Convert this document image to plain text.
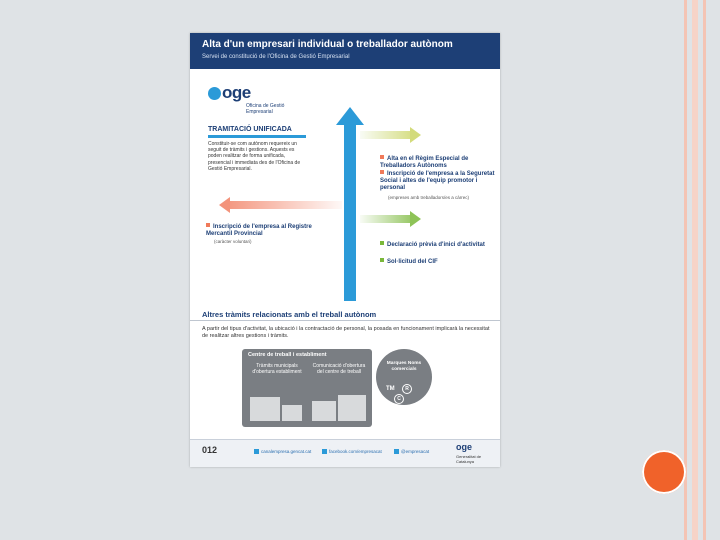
Alta d'un empresari individual o treballador autònom
Servei de constitució de l'Oficina de Gestió Empresarial
oge
Oficina de Gestió Empresarial
TRAMITACIÓ UNIFICADA
Constituir-se com autònom requereix un seguit de tràmits i gestions. Aquests es poden realitzar de forma unificada, presencial i immediata des de l'Oficina de Gestió Empresarial.
Alta en el Règim Especial de Treballadors Autònoms
Inscripció de l'empresa a la Seguretat Social i altes de l'equip promotor i personal
(empreses amb treballadors/es a càrrec)
Inscripció de l'empresa al Registre Mercantil Provincial
(caràcter voluntari)
Declaració prèvia d'inici d'activitat
Sol·licitud del CIF
Altres tràmits relacionats amb el treball autònom
A partir del tipus d'activitat, la ubicació i la contractació de personal, la posada en funcionament implicarà la necessitat de realitzar altres gestions i tràmits.
Centre de treball i establiment
Tràmits municipals d'obertura establiment
Comunicació d'obertura del centre de treball
Marques Noms comercials
TM	R
C
012	canalempresa.gencat.cat	facebook.com/empresacat	@empresacat	oge
Generalitat de Catalunya
